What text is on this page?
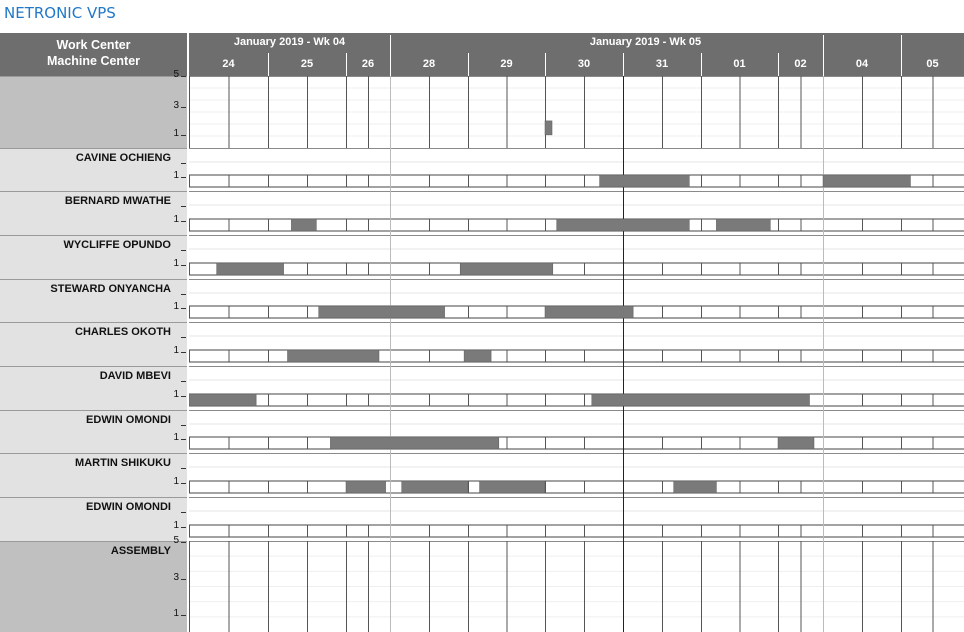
NETRONIC VPS
Work Center
Machine Center
January 2019 - Wk 04	January 2019 - Wk 05
24	25	26	28	29	30	31	01	02	04	05
5
3
1
CAVINE OCHIENG
1
BERNARD MWATHE
1
WYCLIFFE OPUNDO
1
STEWARD ONYANCHA
1
CHARLES OKOTH
1
DAVID MBEVI
1
EDWIN OMONDI
1
MARTIN SHIKUKU
1
EDWIN OMONDI
1
ASSEMBLY
5
3
1
